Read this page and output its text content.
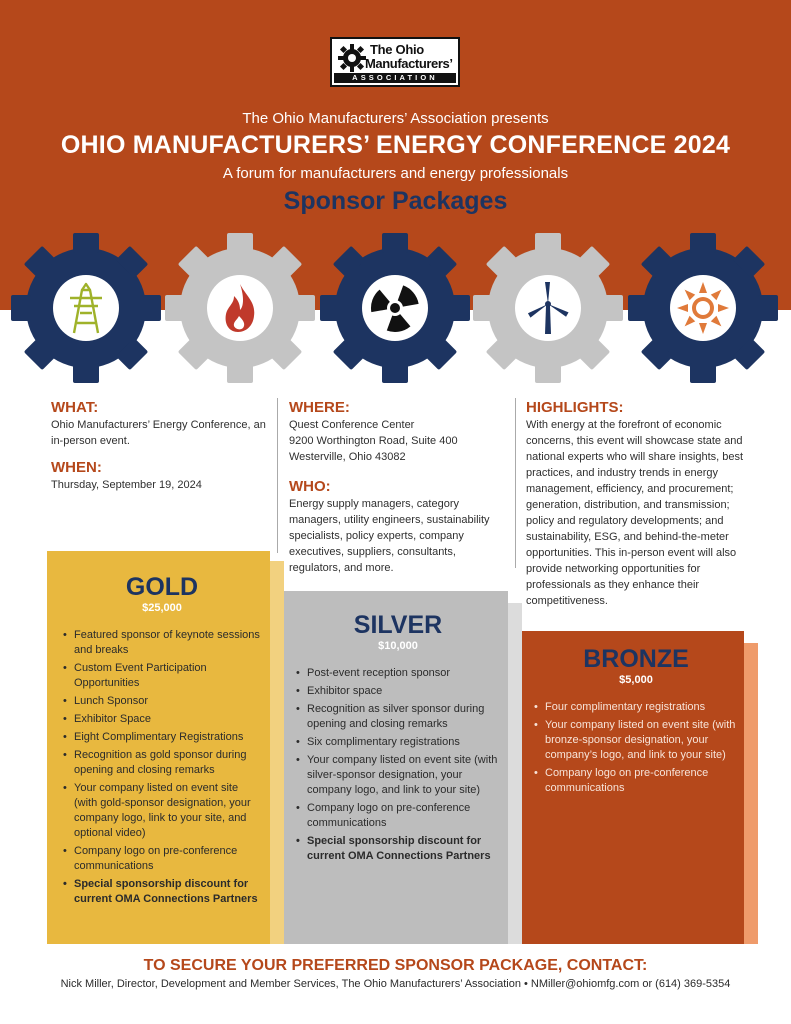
The Ohio
Manufacturers’
ASSOCIATION
The Ohio Manufacturers’ Association presents
OHIO MANUFACTURERS’ ENERGY CONFERENCE 2024
A forum for manufacturers and energy professionals
Sponsor Packages
WHAT:

Ohio Manufacturers’ Energy Conference, an in-person event.

WHEN:

Thursday, September 19, 2024

WHERE:

Quest Conference Center

9200 Worthington Road, Suite 400

Westerville, Ohio 43082

WHO:

Energy supply managers, category managers, utility engineers, sustainability specialists, policy experts, company executives, suppliers, consultants, regulators, and more.

HIGHLIGHTS:

With energy at the forefront of economic concerns, this event will showcase state and national experts who will share insights, best practices, and industry trends in energy management, efficiency, and procurement; generation, distribution, and transmission; policy and regulatory developments; and sustainability, ESG, and behind-the-meter opportunities. This in-person event will also provide networking opportunities for professionals as they enhance their competitiveness.

GOLD
$25,000
• Featured sponsor of keynote sessions and breaks
• Custom Event Participation Opportunities
• Lunch Sponsor
• Exhibitor Space
• Eight Complimentary Registrations
• Recognition as gold sponsor during opening and closing remarks
• Your company listed on event site (with gold-sponsor designation, your company logo, link to your site, and optional video)
• Company logo on pre-conference communications
• Special sponsorship discount for current OMA Connections Partners
SILVER
$10,000
• Post-event reception sponsor
• Exhibitor space
• Recognition as silver sponsor during opening and closing remarks
• Six complimentary registrations
• Your company listed on event site (with silver-sponsor designation, your company logo, and link to your site)
• Company logo on pre-conference communications
• Special sponsorship discount for current OMA Connections Partners
BRONZE
$5,000
• Four complimentary registrations
• Your company listed on event site (with bronze-sponsor designation, your company’s logo, and link to your site)
• Company logo on pre-conference communications
TO SECURE YOUR PREFERRED SPONSOR PACKAGE, CONTACT:
Nick Miller, Director, Development and Member Services, The Ohio Manufacturers’ Association • NMiller@ohiomfg.com or (614) 369-5354
